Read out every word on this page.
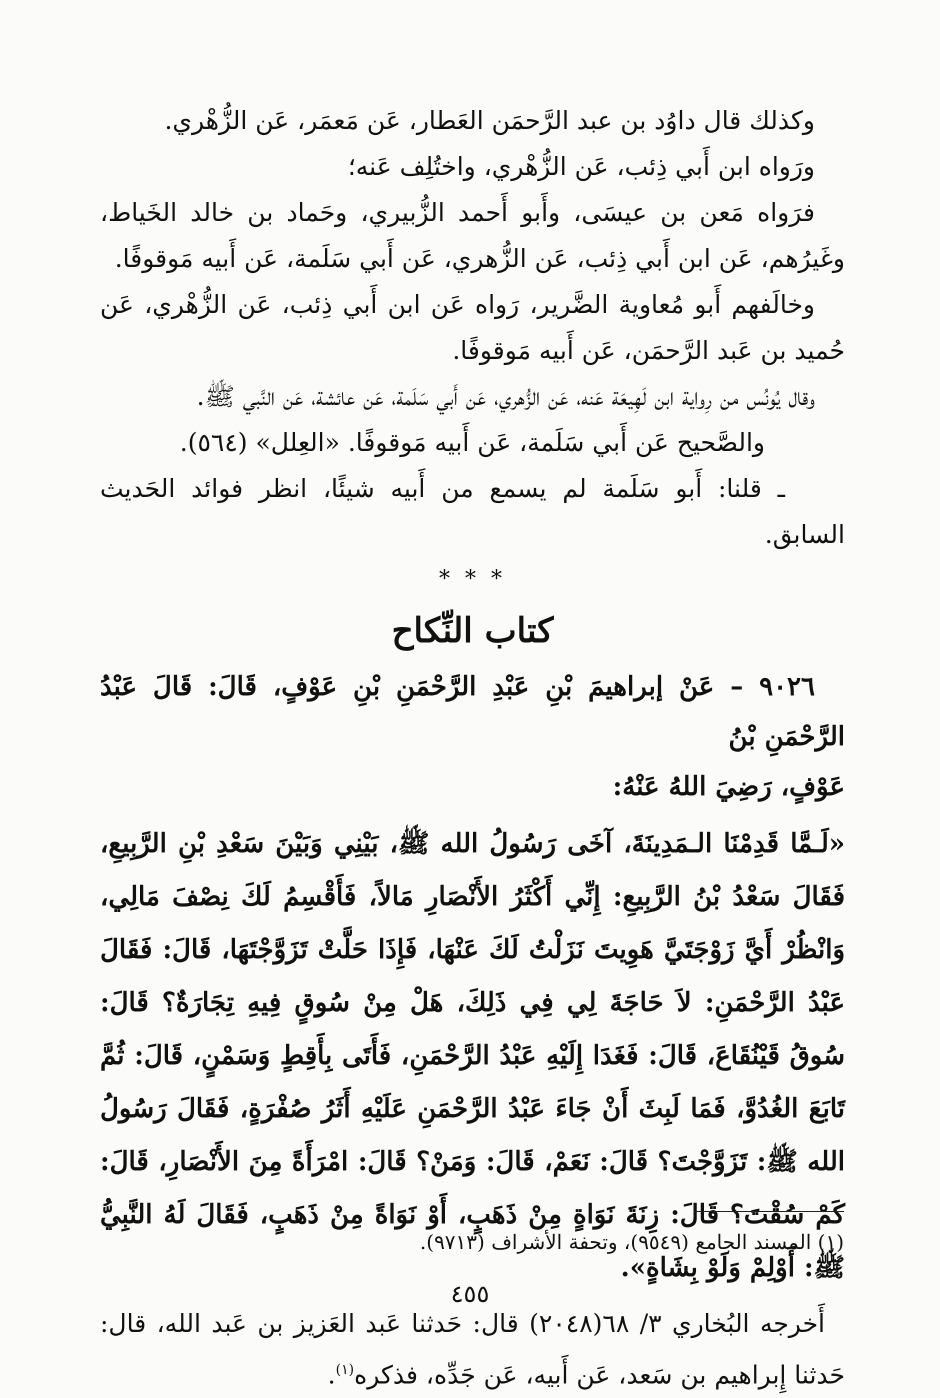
وكذلك قال داوُد بن عبد الرَّحمَن العَطار، عَن مَعمَر، عَن الزُّهْري.

ورَواه ابن أَبي ذِئب، عَن الزُّهْري، واختُلِف عَنه؛

فرَواه مَعن بن عيسَى، وأَبو أَحمد الزُّبيري، وحَماد بن خالد الخَياط، وغَيرُهم، عَن ابن أَبي ذِئب، عَن الزُّهري، عَن أَبي سَلَمة، عَن أَبيه مَوقوفًا.

وخالَفهم أَبو مُعاوية الضَّرير، رَواه عَن ابن أَبي ذِئب، عَن الزُّهْري، عَن حُميد بن عَبد الرَّحمَن، عَن أَبيه مَوقوفًا.

وقال يُونُس من رِواية ابن لَهِيعَة عَنه، عَن الزُّهري، عَن أَبي سَلَمة، عَن عائشة، عَن النَّبي ﷺ.

والصَّحيح عَن أَبي سَلَمة، عَن أَبيه مَوقوفًا. «العِلل» (٥٦٤).

ـ قلنا: أَبو سَلَمة لم يسمع من أَبيه شيئًا، انظر فوائد الحَديث السابق.

* * *

كتاب النِّكاح

٩٠٢٦ – عَنْ إبراهيمَ بْنِ عَبْدِ الرَّحْمَنِ بْنِ عَوْفٍ، قَالَ: قَالَ عَبْدُ الرَّحْمَنِ بْنُ

عَوْفٍ، رَضِيَ اللهُ عَنْهُ:

«لَـمَّا قَدِمْنَا الـمَدِينَةَ، آخَى رَسُولُ الله ﷺ، بَيْنِي وَبَيْنَ سَعْدِ بْنِ الرَّبِيعِ، فَقَالَ سَعْدُ بْنُ الرَّبِيعِ: إِنِّي أَكْثَرُ الأَنْصَارِ مَالاً، فَأَقْسِمُ لَكَ نِصْفَ مَالِي، وَانْظُرْ أَيَّ زَوْجَتَيَّ هَوِيتَ نَزَلْتُ لَكَ عَنْهَا، فَإِذَا حَلَّتْ تَزَوَّجْتَهَا، قَالَ: فَقَالَ عَبْدُ الرَّحْمَنِ: لاَ حَاجَةَ لِي فِي ذَلِكَ، هَلْ مِنْ سُوقٍ فِيهِ تِجَارَةٌ؟ قَالَ: سُوقُ قَيْنُقَاعَ، قَالَ: فَغَدَا إِلَيْهِ عَبْدُ الرَّحْمَنِ، فَأَتَى بِأَقِطٍ وَسَمْنٍ، قَالَ: ثُمَّ تَابَعَ الغُدُوَّ، فَمَا لَبِثَ أَنْ جَاءَ عَبْدُ الرَّحْمَنِ عَلَيْهِ أَثَرُ صُفْرَةٍ، فَقَالَ رَسُولُ الله ﷺ: تَزَوَّجْتَ؟ قَالَ: نَعَمْ، قَالَ: وَمَنْ؟ قَالَ: امْرَأَةً مِنَ الأَنْصَارِ، قَالَ: كَمْ سُقْتَ؟ قَالَ: زِنَةَ نَوَاةٍ مِنْ ذَهَبٍ، أَوْ نَوَاةً مِنْ ذَهَبٍ، فَقَالَ لَهُ النَّبِيُّ ﷺ: أَوْلِمْ وَلَوْ بِشَاةٍ».

أَخرجه البُخاري ٣/ ٦٨(٢٠٤٨) قال: حَدثنا عَبد العَزيز بن عَبد الله، قال: حَدثنا إِبراهيم بن سَعد، عَن أَبيه، عَن جَدِّه، فذكره$^{(١)}$.

(١) المسند الجامع (٩٥٤٩)، وتحفة الأشراف (٩٧١٣).
٤٥٥
